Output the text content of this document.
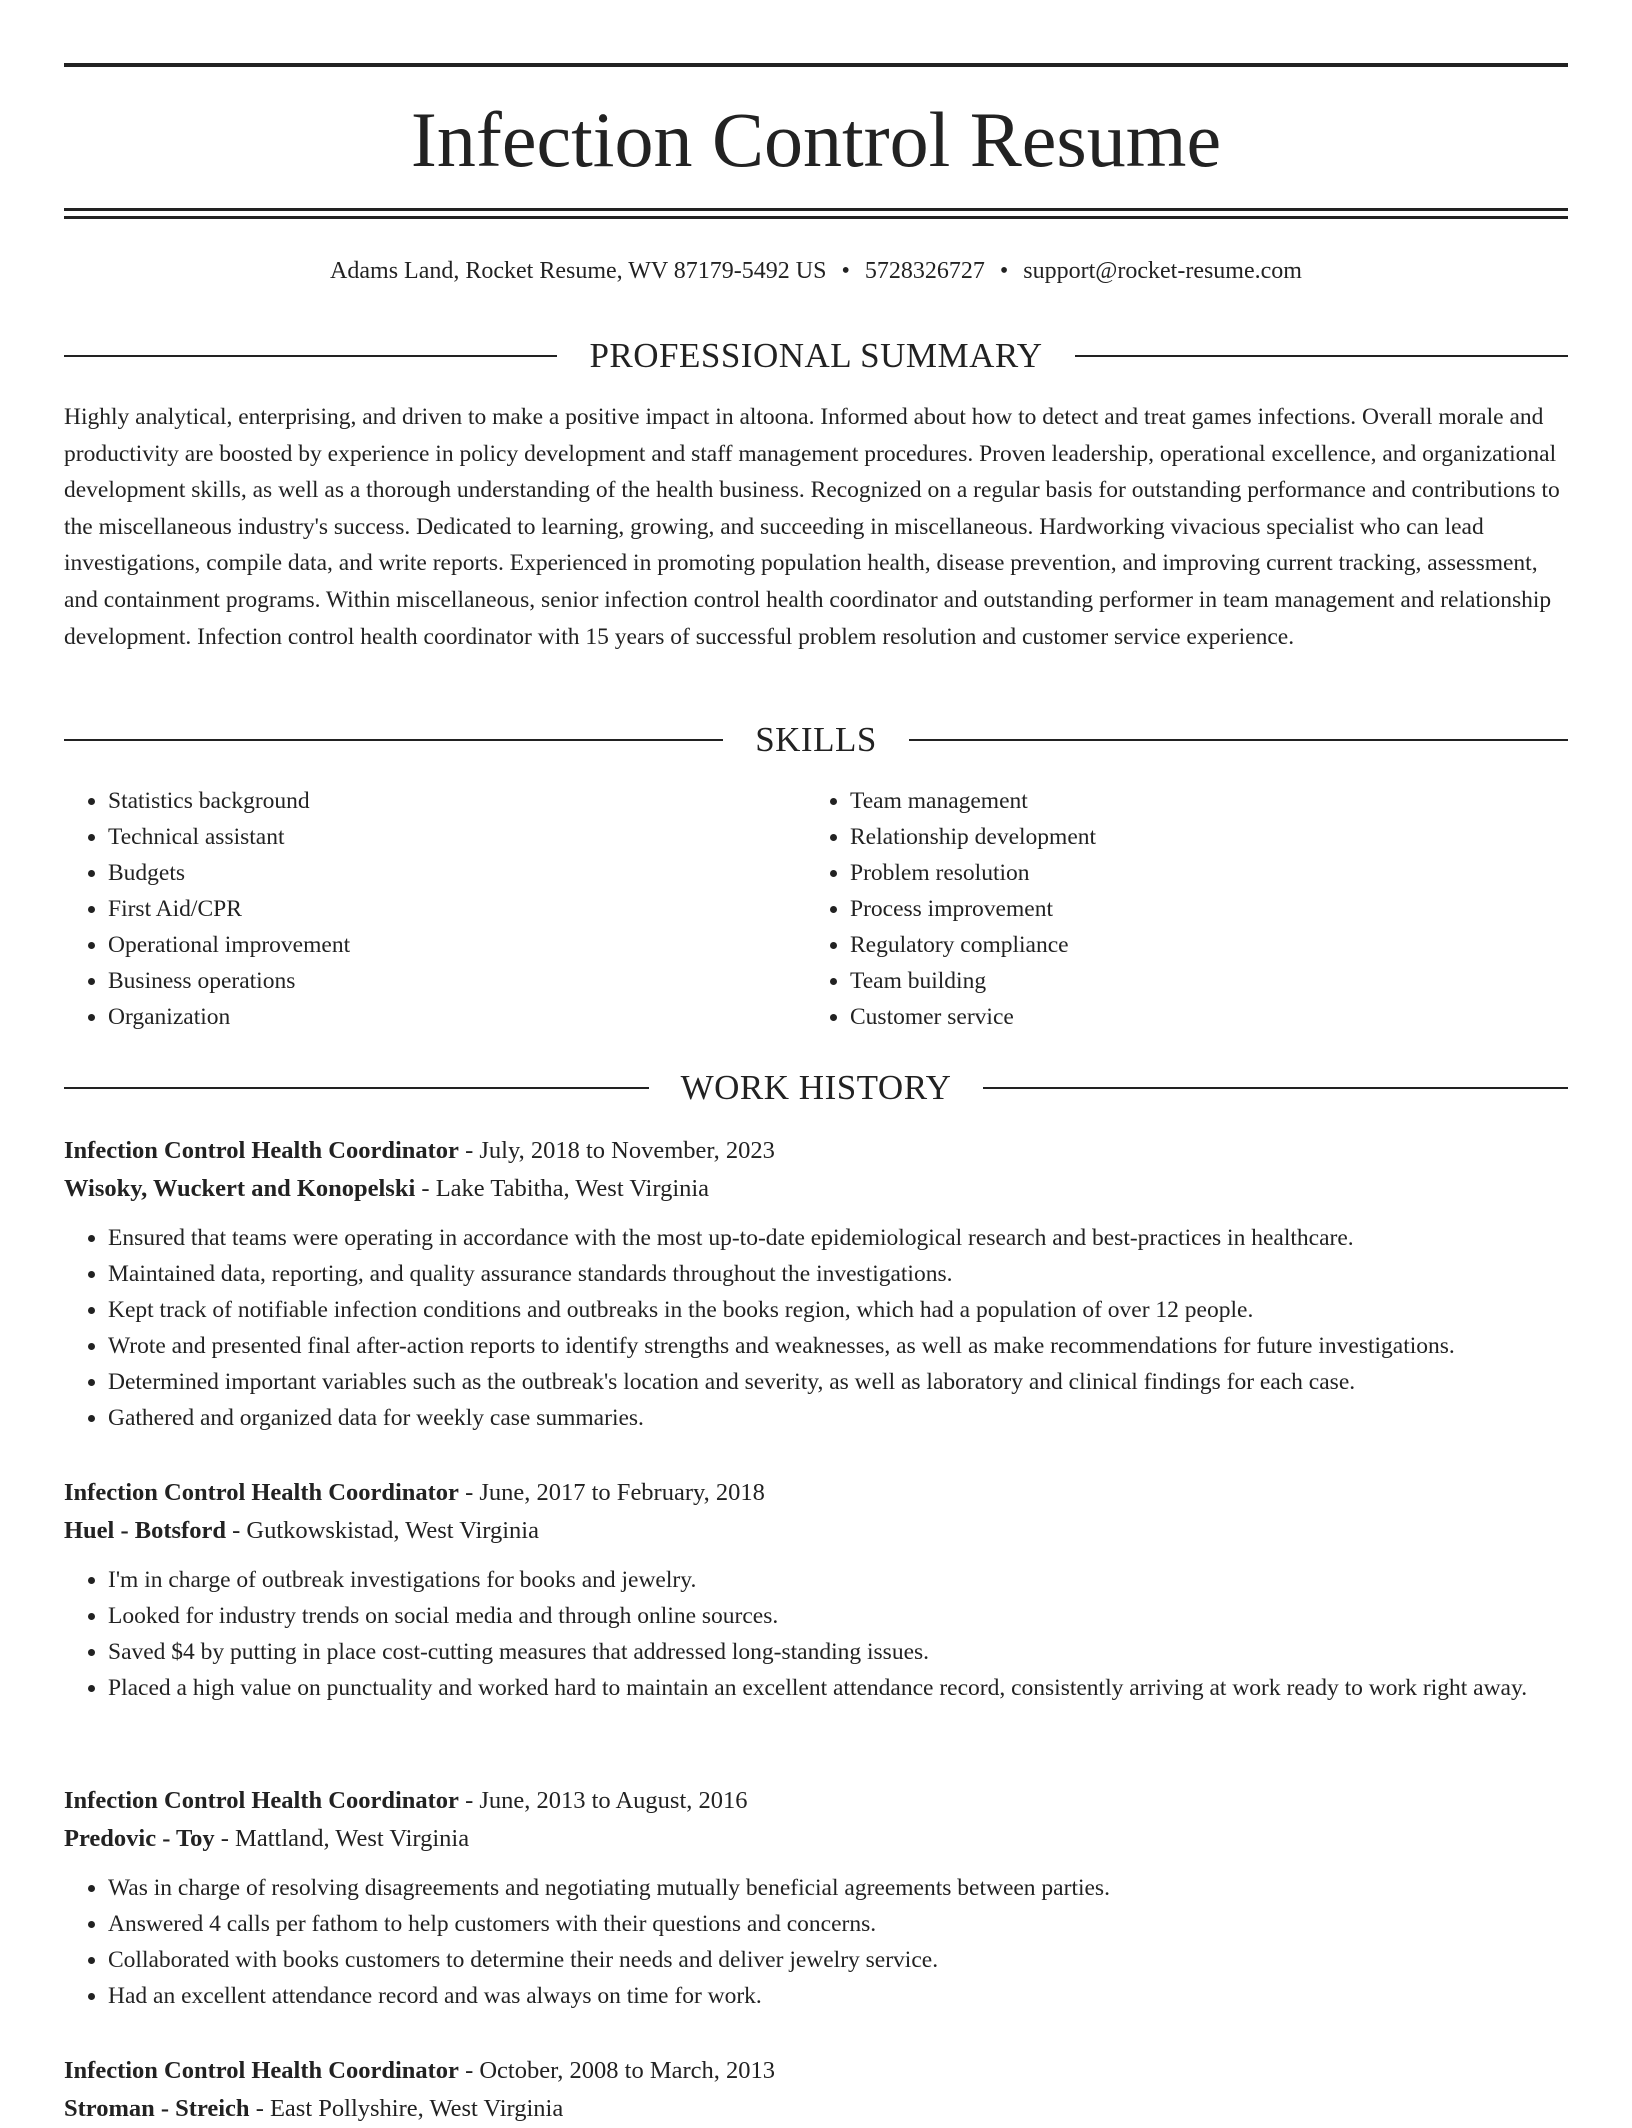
Infection Control Resume
Adams Land, Rocket Resume, WV 87179-5492 US • 5728326727 • support@rocket-resume.com
PROFESSIONAL SUMMARY

Highly analytical, enterprising, and driven to make a positive impact in altoona. Informed about how to detect and treat games infections. Overall morale and productivity are boosted by experience in policy development and staff management procedures. Proven leadership, operational excellence, and organizational development skills, as well as a thorough understanding of the health business. Recognized on a regular basis for outstanding performance and contributions to the miscellaneous industry's success. Dedicated to learning, growing, and succeeding in miscellaneous. Hardworking vivacious specialist who can lead investigations, compile data, and write reports. Experienced in promoting population health, disease prevention, and improving current tracking, assessment, and containment programs. Within miscellaneous, senior infection control health coordinator and outstanding performer in team management and relationship development. Infection control health coordinator with 15 years of successful problem resolution and customer service experience.

SKILLS
• Statistics background
• Technical assistant
• Budgets
• First Aid/CPR
• Operational improvement
• Business operations
• Organization
• Team management
• Relationship development
• Problem resolution
• Process improvement
• Regulatory compliance
• Team building
• Customer service
WORK HISTORY
Infection Control Health Coordinator - July, 2018 to November, 2023
Wisoky, Wuckert and Konopelski - Lake Tabitha, West Virginia
• Ensured that teams were operating in accordance with the most up-to-date epidemiological research and best-practices in healthcare.
• Maintained data, reporting, and quality assurance standards throughout the investigations.
• Kept track of notifiable infection conditions and outbreaks in the books region, which had a population of over 12 people.
• Wrote and presented final after-action reports to identify strengths and weaknesses, as well as make recommendations for future investigations.
• Determined important variables such as the outbreak's location and severity, as well as laboratory and clinical findings for each case.
• Gathered and organized data for weekly case summaries.
Infection Control Health Coordinator - June, 2017 to February, 2018
Huel - Botsford - Gutkowskistad, West Virginia
• I'm in charge of outbreak investigations for books and jewelry.
• Looked for industry trends on social media and through online sources.
• Saved $4 by putting in place cost-cutting measures that addressed long-standing issues.
• Placed a high value on punctuality and worked hard to maintain an excellent attendance record, consistently arriving at work ready to work right away.
Infection Control Health Coordinator - June, 2013 to August, 2016
Predovic - Toy - Mattland, West Virginia
• Was in charge of resolving disagreements and negotiating mutually beneficial agreements between parties.
• Answered 4 calls per fathom to help customers with their questions and concerns.
• Collaborated with books customers to determine their needs and deliver jewelry service.
• Had an excellent attendance record and was always on time for work.
Infection Control Health Coordinator - October, 2008 to March, 2013
Stroman - Streich - East Pollyshire, West Virginia
